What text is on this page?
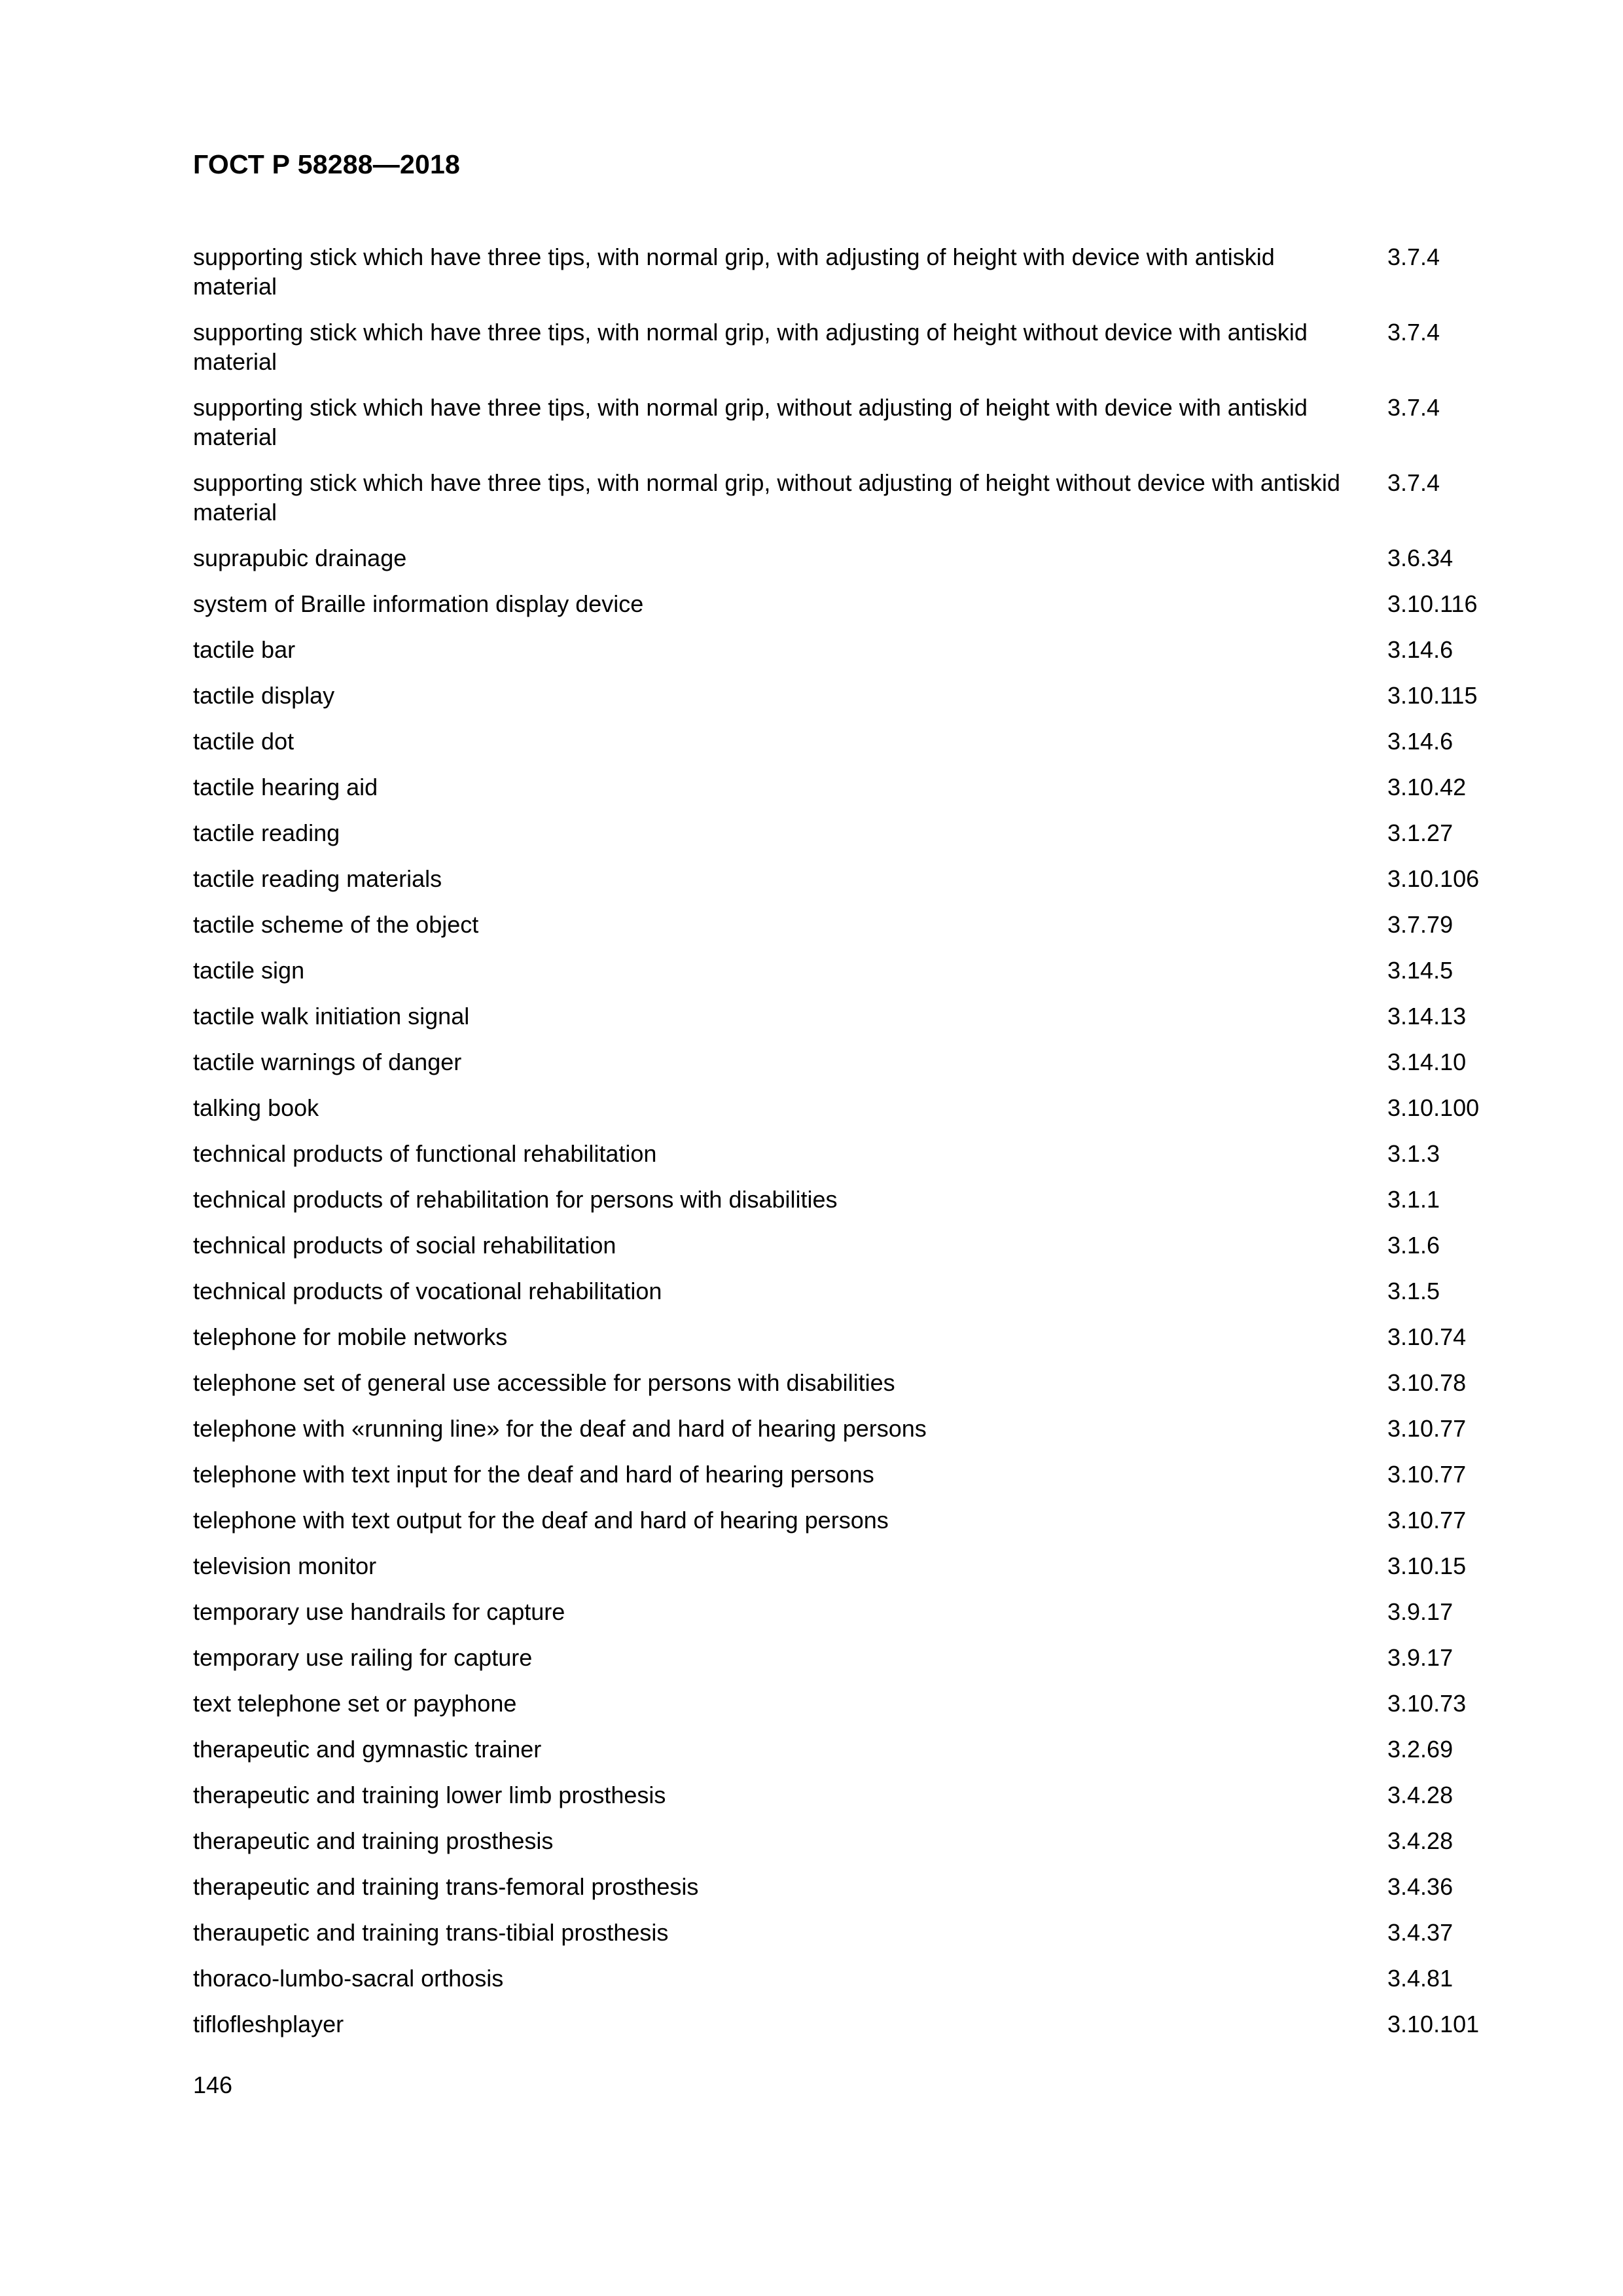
ГОСТ Р 58288—2018
supporting stick which have three tips, with normal grip, with adjusting of height with device with antiskid material
3.7.4
supporting stick which have three tips, with normal grip, with adjusting of height without device with antiskid material
3.7.4
supporting stick which have three tips, with normal grip, without adjusting of height with device with antiskid material
3.7.4
supporting stick which have three tips, with normal grip, without adjusting of height without device with antiskid material
3.7.4
suprapubic drainage	3.6.34
system of Braille information display device	3.10.116
tactile bar	3.14.6
tactile display	3.10.115
tactile dot	3.14.6
tactile hearing aid	3.10.42
tactile reading	3.1.27
tactile reading materials	3.10.106
tactile scheme of the object	3.7.79
tactile sign	3.14.5
tactile walk initiation signal	3.14.13
tactile warnings of danger	3.14.10
talking book	3.10.100
technical products of functional rehabilitation	3.1.3
technical products of rehabilitation for persons with disabilities	3.1.1
technical products of social rehabilitation	3.1.6
technical products of vocational rehabilitation	3.1.5
telephone for mobile networks	3.10.74
telephone set of general use accessible for persons with disabilities	3.10.78
telephone with «running line» for the deaf and hard of hearing persons	3.10.77
telephone with text input for the deaf and hard of hearing persons	3.10.77
telephone with text output for the deaf and hard of hearing persons	3.10.77
television monitor	3.10.15
temporary use handrails for capture	3.9.17
temporary use railing for capture	3.9.17
text telephone set or payphone	3.10.73
therapeutic and gymnastic trainer	3.2.69
therapeutic and training lower limb prosthesis	3.4.28
therapeutic and training prosthesis	3.4.28
therapeutic and training trans-femoral prosthesis	3.4.36
theraupetic and training trans-tibial prosthesis	3.4.37
thoraco-lumbo-sacral orthosis	3.4.81
tiflofleshplayer	3.10.101
146
